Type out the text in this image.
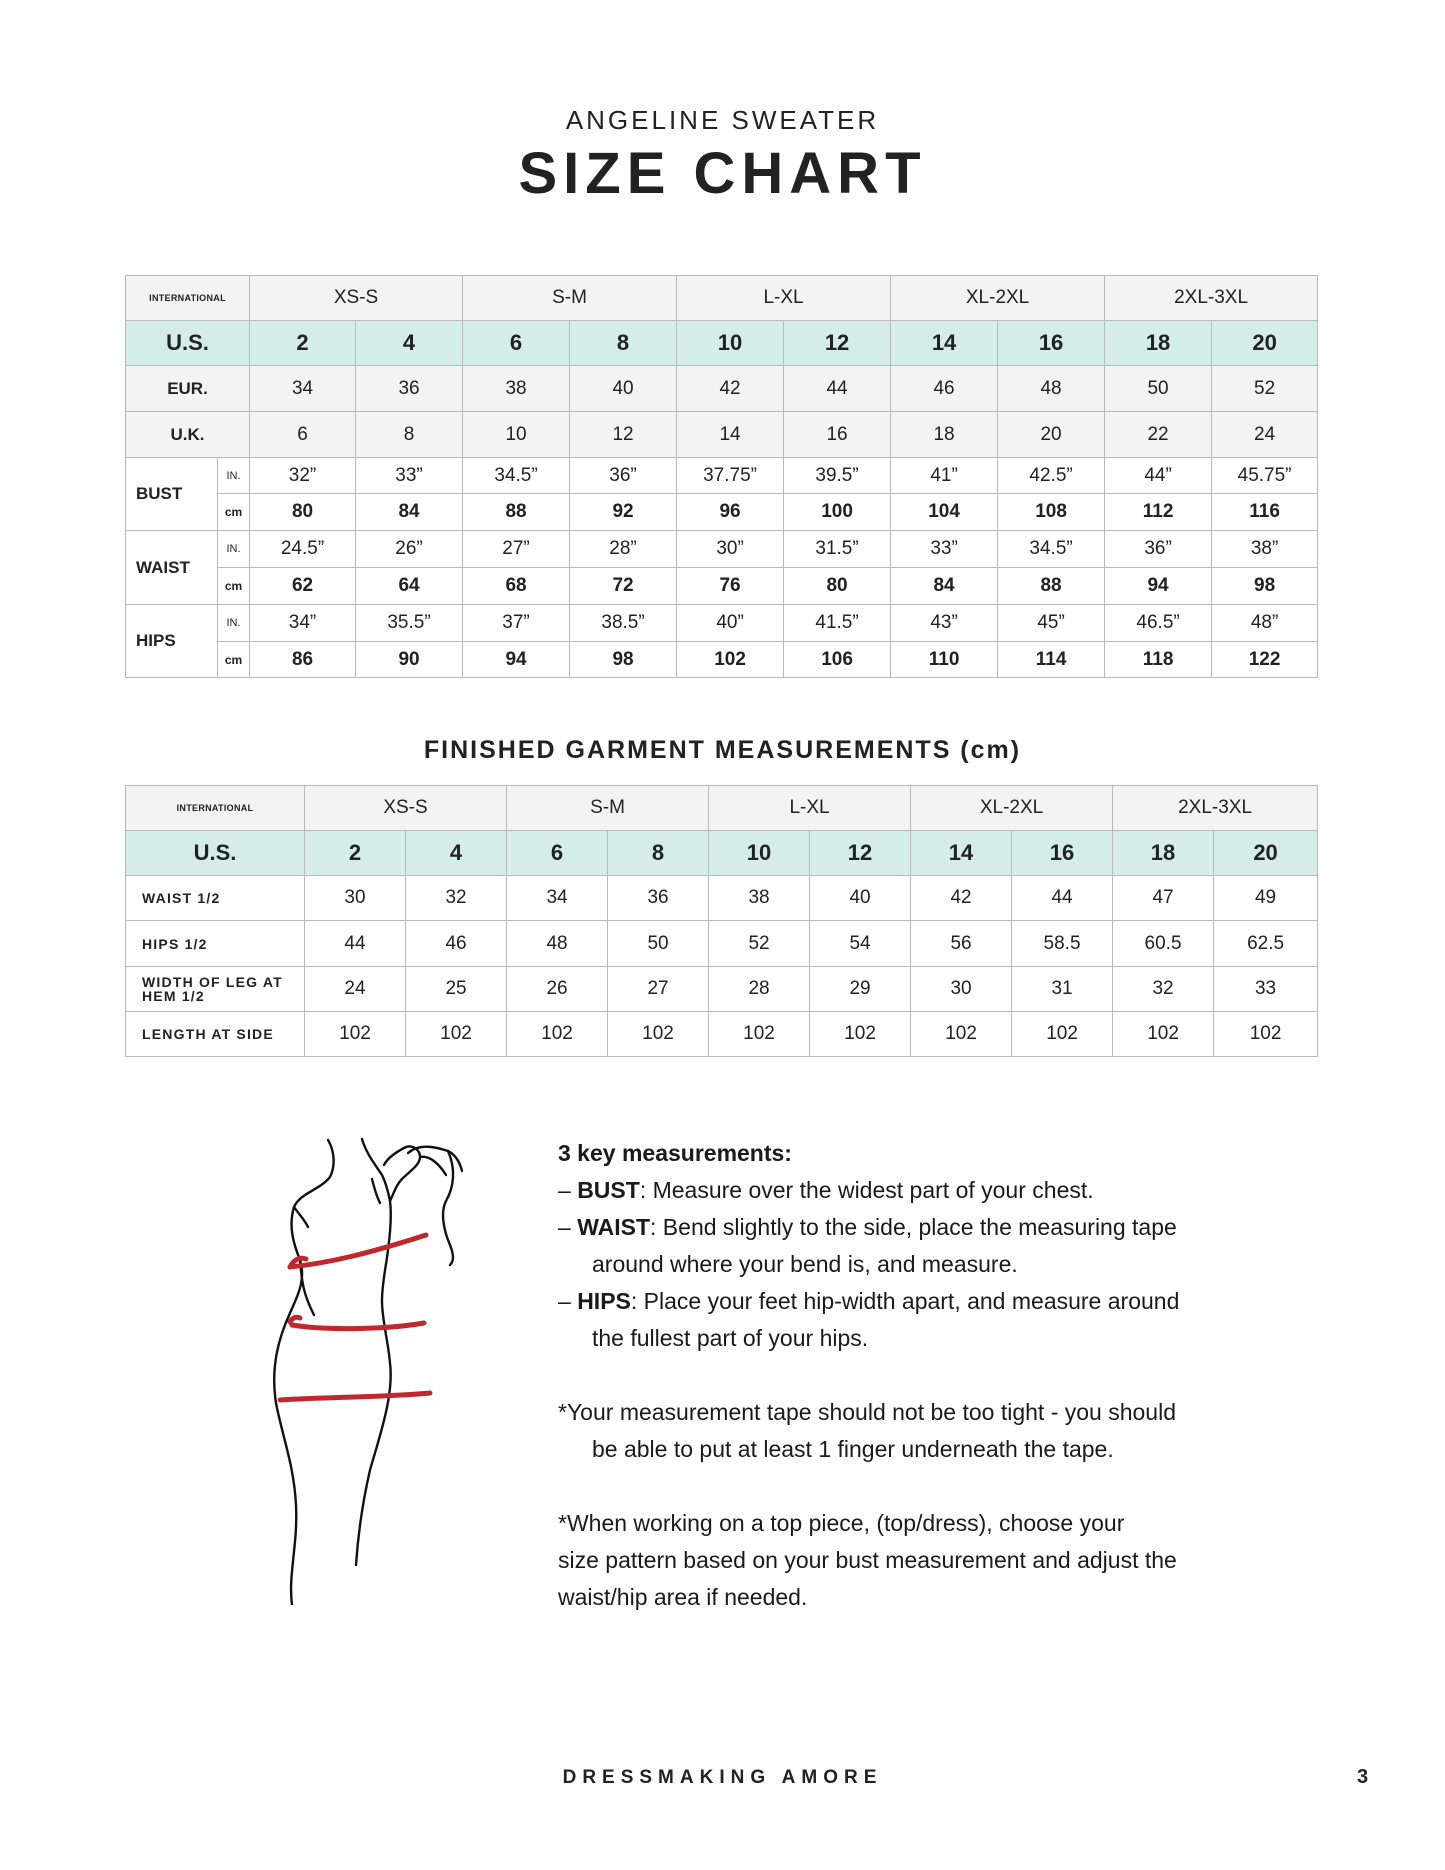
ANGELINE SWEATER
SIZE CHART
INTERNATIONAL		XS-S		S-M		L-XL		XL-2XL		2XL-3XL	
U.S.		2	4	6	8	10	12	14	16	18	20
EUR.		34	36	38	40	42	44	46	48	50	52
U.K.		6	8	10	12	14	16	18	20	22	24
BUST	IN.	32”	33”	34.5”	36”	37.75”	39.5”	41”	42.5”	44”	45.75”
	cm	80	84	88	92	96	100	104	108	112	116
WAIST	IN.	24.5”	26”	27”	28”	30”	31.5”	33”	34.5”	36”	38”
	cm	62	64	68	72	76	80	84	88	94	98
HIPS	IN.	34”	35.5”	37”	38.5”	40”	41.5”	43”	45”	46.5”	48”
	cm	86	90	94	98	102	106	110	114	118	122
FINISHED GARMENT MEASUREMENTS (cm)
INTERNATIONAL	XS-S		S-M		L-XL		XL-2XL		2XL-3XL	
U.S.	2	4	6	8	10	12	14	16	18	20
WAIST 1/2	30	32	34	36	38	40	42	44	47	49
HIPS 1/2	44	46	48	50	52	54	56	58.5	60.5	62.5
WIDTH OF LEG AT HEM 1/2	24	25	26	27	28	29	30	31	32	33
LENGTH AT SIDE	102	102	102	102	102	102	102	102	102	102

3 key measurements:

– BUST: Measure over the widest part of your chest.

– WAIST: Bend slightly to the side, place the measuring tape

around where your bend is, and measure.

– HIPS: Place your feet hip-width apart, and measure around

the fullest part of your hips.

*Your measurement tape should not be too tight - you should

be able to put at least 1 finger underneath the tape.

*When working on a top piece, (top/dress), choose your

size pattern based on your bust measurement and adjust the

waist/hip area if needed.

DRESSMAKING AMORE	3
